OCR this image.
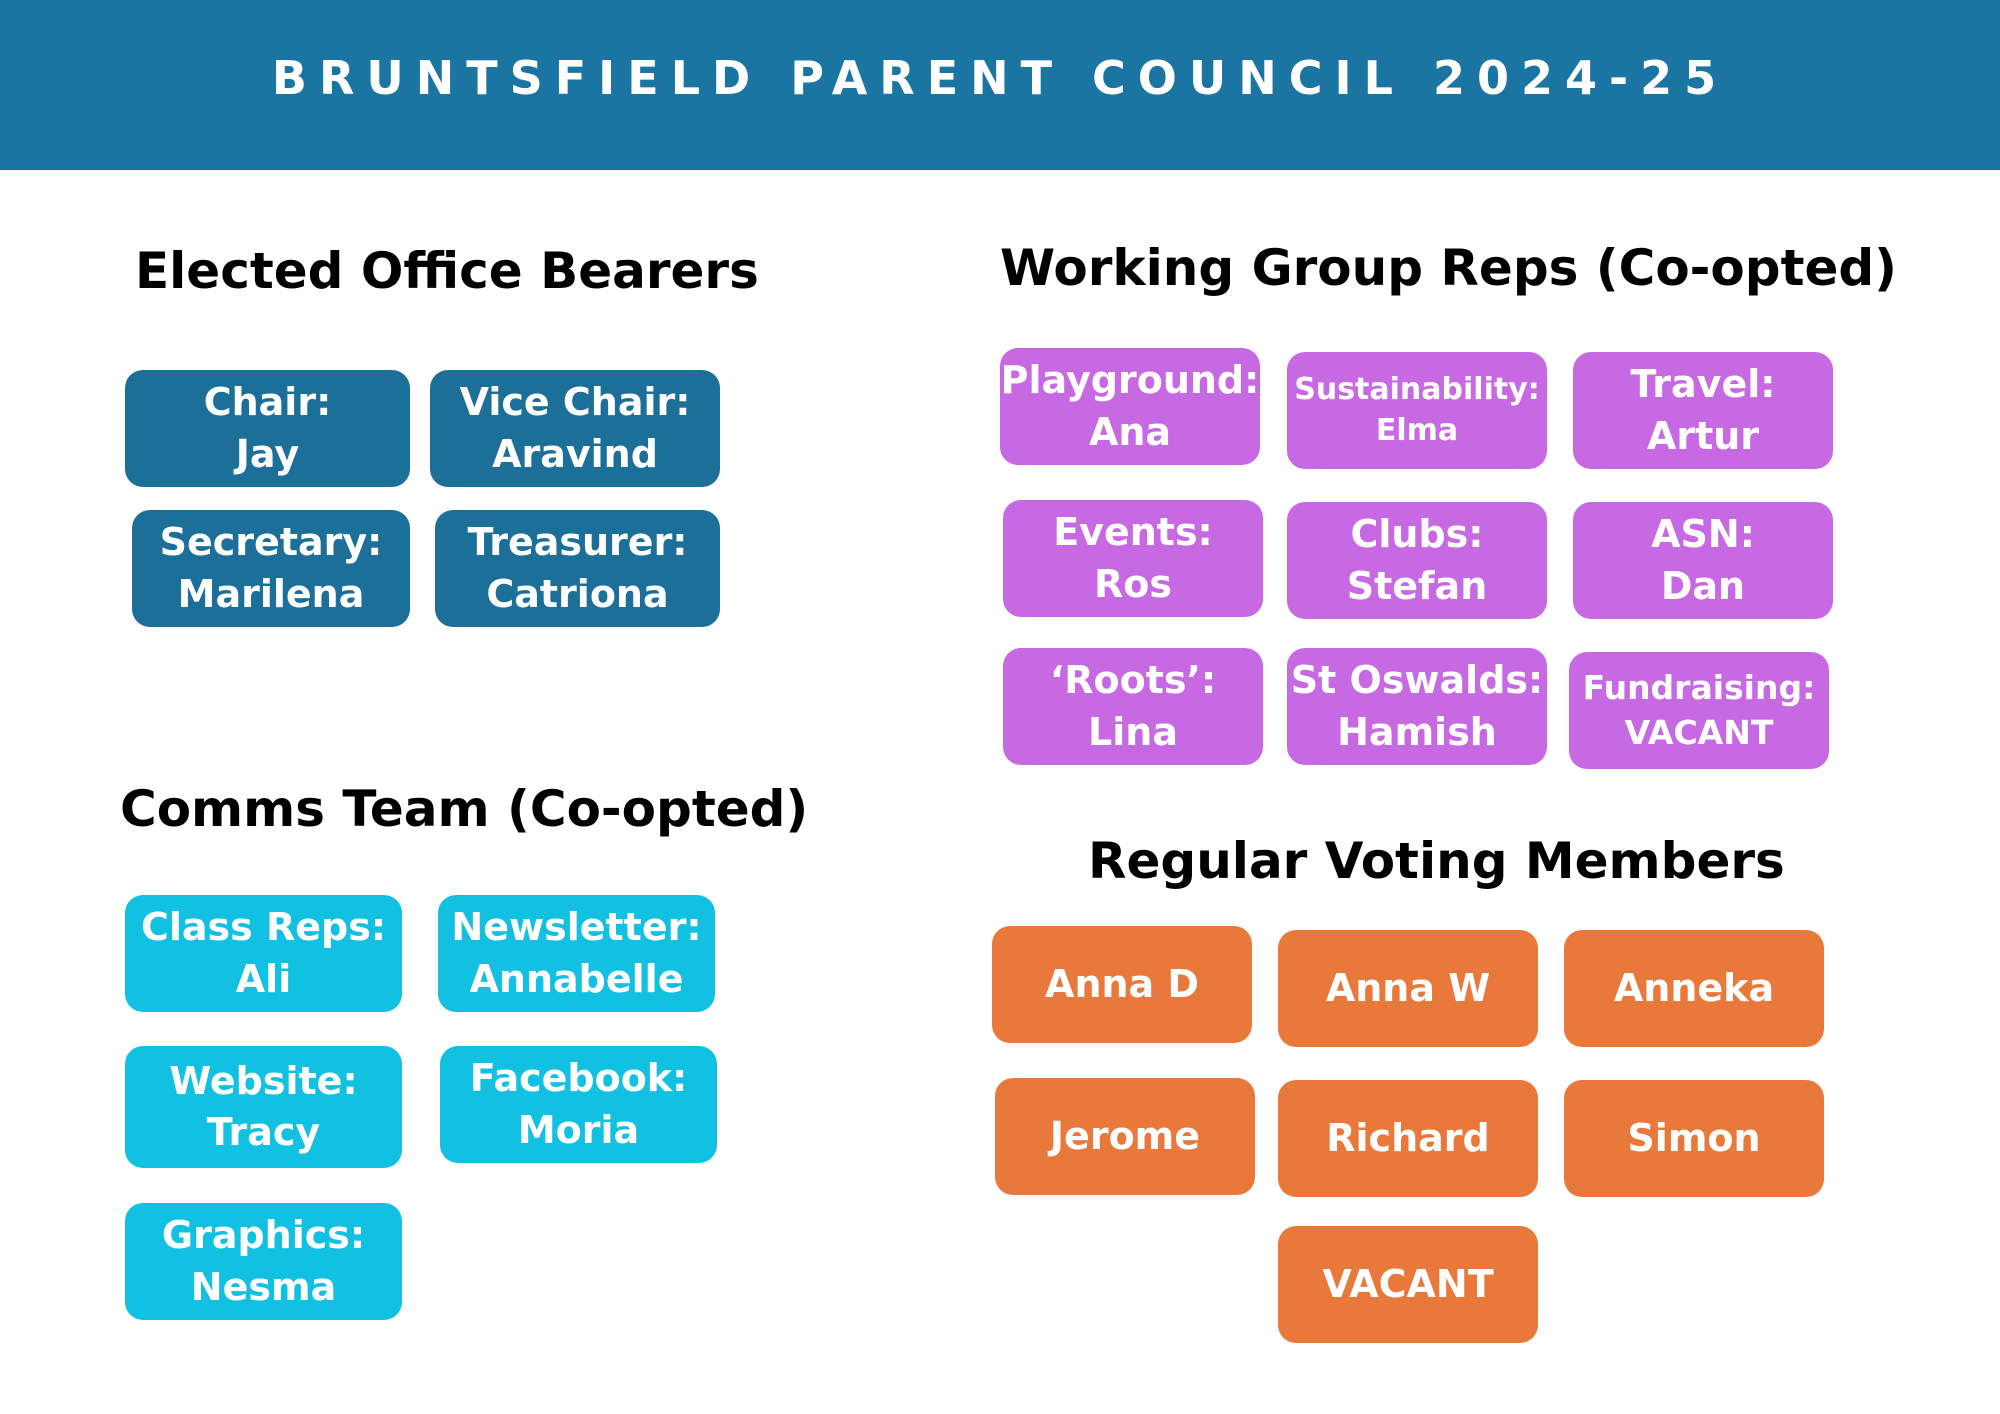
BRUNTSFIELD PARENT COUNCIL 2024-25
Elected Office Bearers
Chair:
Jay
Vice Chair:
Aravind
Secretary:
Marilena
Treasurer:
Catriona
Comms Team (Co-opted)
Class Reps:
Ali
Newsletter:
Annabelle
Website:
Tracy
Facebook:
Moria
Graphics:
Nesma
Working Group Reps (Co-opted)
Playground:
Ana
Sustainability:
Elma
Travel:
Artur
Events:
Ros
Clubs:
Stefan
ASN:
Dan
‘Roots’:
Lina
St Oswalds:
Hamish
Fundraising:
VACANT
Regular Voting Members
Anna D	Anna W	Anneka
Jerome	Richard	Simon
VACANT
